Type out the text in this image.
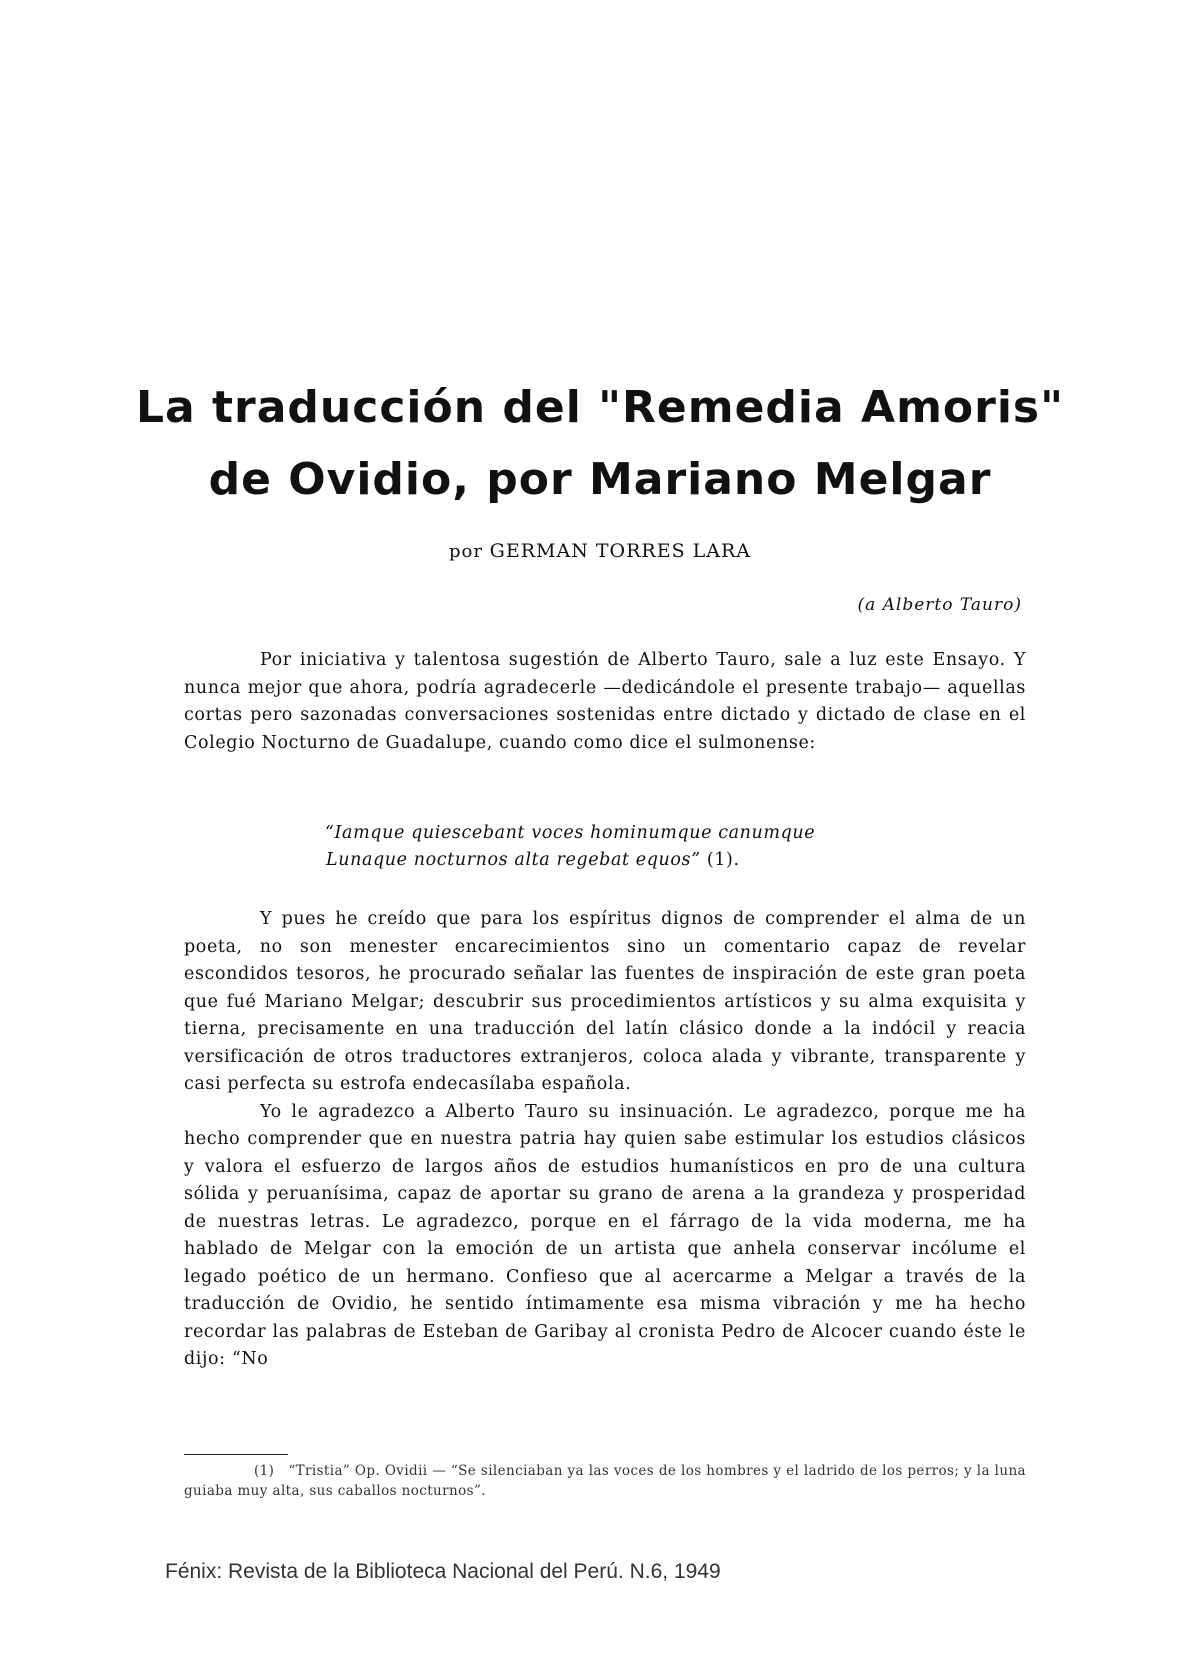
La traducción del "Remedia Amoris"
de Ovidio, por Mariano Melgar
por GERMAN TORRES LARA
(a Alberto Tauro)

Por iniciativa y talentosa sugestión de Alberto Tauro, sale a luz este Ensayo. Y nunca mejor que ahora, podría agradecerle —dedicándole el presente trabajo— aquellas cortas pero sazonadas conversaciones sostenidas entre dictado y dictado de clase en el Colegio Nocturno de Guadalupe, cuando como dice el sulmonense:

“Iamque quiescebant voces hominumque canumque
Lunaque nocturnos alta regebat equos” (1).

Y pues he creído que para los espíritus dignos de comprender el alma de un poeta, no son menester encarecimientos sino un comentario capaz de revelar escondidos tesoros, he procurado señalar las fuentes de inspiración de este gran poeta que fué Mariano Melgar; descubrir sus procedimientos artísticos y su alma exquisita y tierna, precisamente en una traducción del latín clásico donde a la indócil y reacia versificación de otros traductores extranjeros, coloca alada y vibrante, transparente y casi perfecta su estrofa endecasílaba española.

Yo le agradezco a Alberto Tauro su insinuación. Le agradezco, porque me ha hecho comprender que en nuestra patria hay quien sabe estimular los estudios clásicos y valora el esfuerzo de largos años de estudios humanísticos en pro de una cultura sólida y peruanísima, capaz de aportar su grano de arena a la grandeza y prosperidad de nuestras letras. Le agradezco, porque en el fárrago de la vida moderna, me ha hablado de Melgar con la emoción de un artista que anhela conservar incólume el legado poético de un hermano. Confieso que al acercarme a Melgar a través de la traducción de Ovidio, he sentido íntimamente esa misma vibración y me ha hecho recordar las palabras de Esteban de Garibay al cronista Pedro de Alcocer cuando éste le dijo: “No

(1) “Tristia” Op. Ovidii — “Se silenciaban ya las voces de los hombres y el ladrido de los perros; y la luna guiaba muy alta, sus caballos nocturnos”.
Fénix: Revista de la Biblioteca Nacional del Perú. N.6, 1949
